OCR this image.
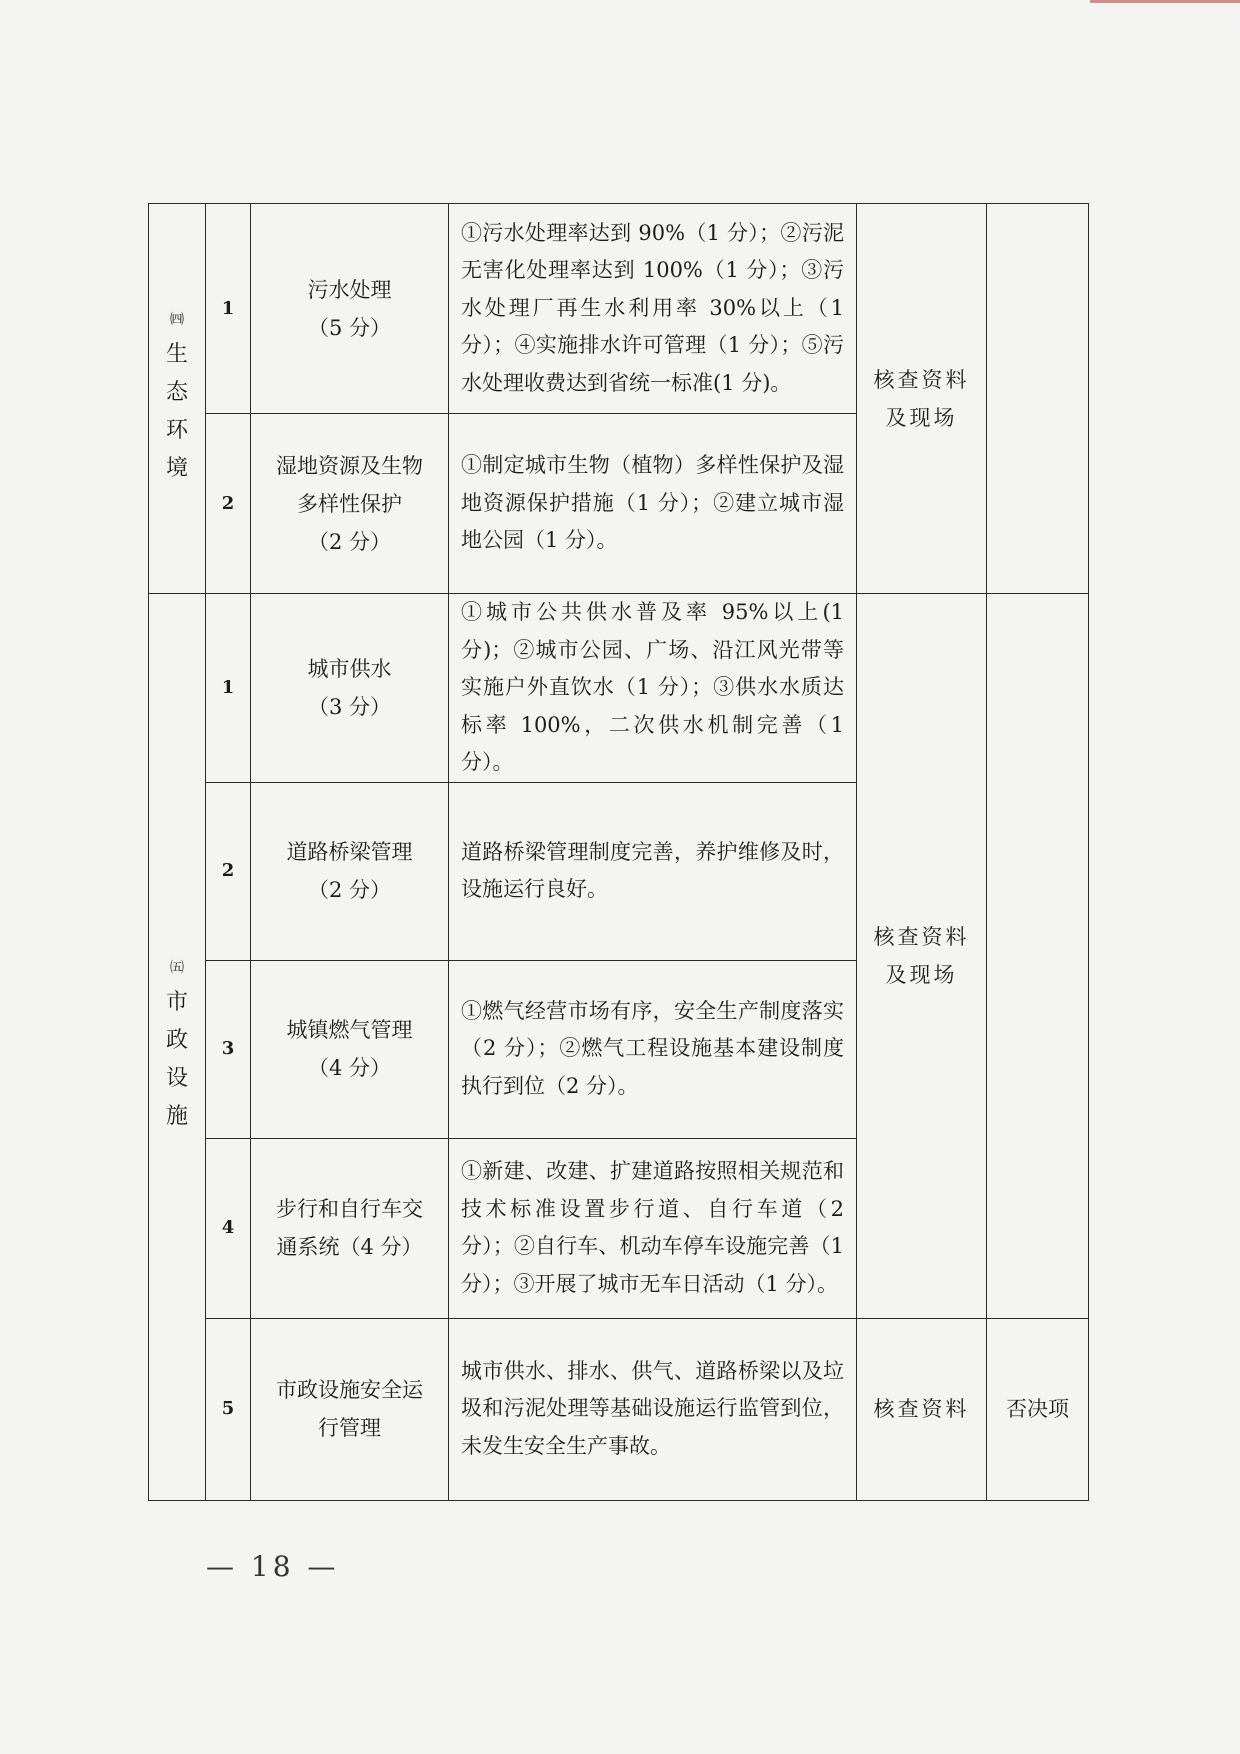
㈣
生态环境	1	污水处理
（5 分）	①污水处理率达到 90%（1 分）；②污泥无害化处理率达到 100%（1 分）；③污水处理厂再生水利用率 30%以上（1 分）；④实施排水许可管理（1 分）；⑤污水处理收费达到省统一标准(1 分)。	核查资料
及现场	

	2	湿地资源及生物
多样性保护
（2 分）	①制定城市生物（植物）多样性保护及湿地资源保护措施（1 分）；②建立城市湿地公园（1 分）。		

㈤
市政设施	1	城市供水
（3 分）	①城市公共供水普及率 95%以上(1 分)；②城市公园、广场、沿江风光带等实施户外直饮水（1 分）；③供水水质达标率 100%，二次供水机制完善（1 分）。	核查资料
及现场	

	2	道路桥梁管理
（2 分）	道路桥梁管理制度完善，养护维修及时，设施运行良好。		
	3	城镇燃气管理
（4 分）	①燃气经营市场有序，安全生产制度落实（2 分）；②燃气工程设施基本建设制度执行到位（2 分）。		
	4	步行和自行车交
通系统（4 分）	①新建、改建、扩建道路按照相关规范和技术标准设置步行道、自行车道（2 分）；②自行车、机动车停车设施完善（1 分）；③开展了城市无车日活动（1 分）。		
	5	市政设施安全运
行管理	城市供水、排水、供气、道路桥梁以及垃圾和污泥处理等基础设施运行监管到位，未发生安全生产事故。	核查资料	否决项
— 18 —
